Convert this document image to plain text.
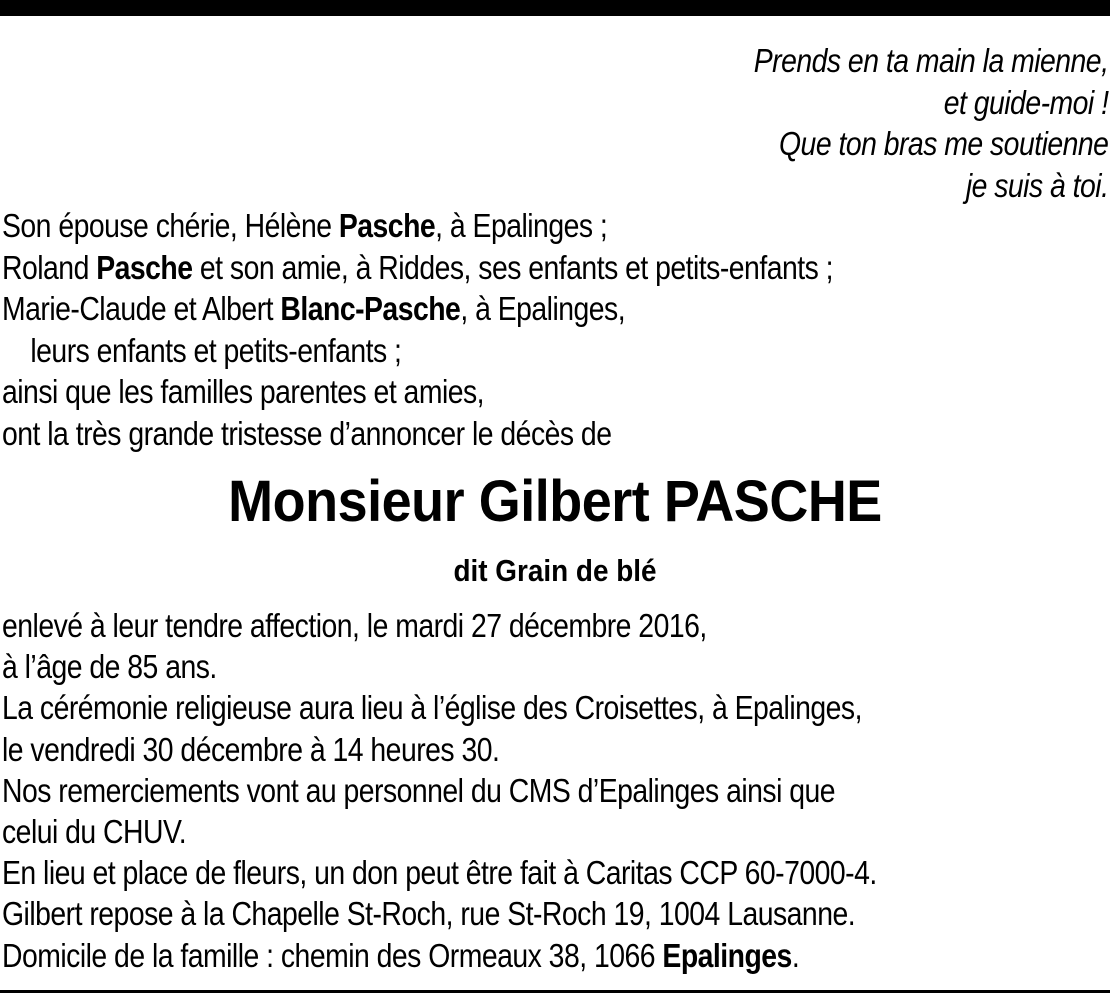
Prends en ta main la mienne,
et guide-moi !
Que ton bras me soutienne
je suis à toi.
Son épouse chérie, Hélène Pasche, à Epalinges ;
Roland Pasche et son amie, à Riddes, ses enfants et petits-enfants ;
Marie-Claude et Albert Blanc-Pasche, à Epalinges,
leurs enfants et petits-enfants ;
ainsi que les familles parentes et amies,
ont la très grande tristesse d’annoncer le décès de
Monsieur Gilbert PASCHE
dit Grain de blé
enlevé à leur tendre affection, le mardi 27 décembre 2016,
à l’âge de 85 ans.
La cérémonie religieuse aura lieu à l’église des Croisettes, à Epalinges,
le vendredi 30 décembre à 14 heures 30.
Nos remerciements vont au personnel du CMS d’Epalinges ainsi que
celui du CHUV.
En lieu et place de fleurs, un don peut être fait à Caritas CCP 60-7000-4.
Gilbert repose à la Chapelle St-Roch, rue St-Roch 19, 1004 Lausanne.
Domicile de la famille : chemin des Ormeaux 38, 1066 Epalinges.
